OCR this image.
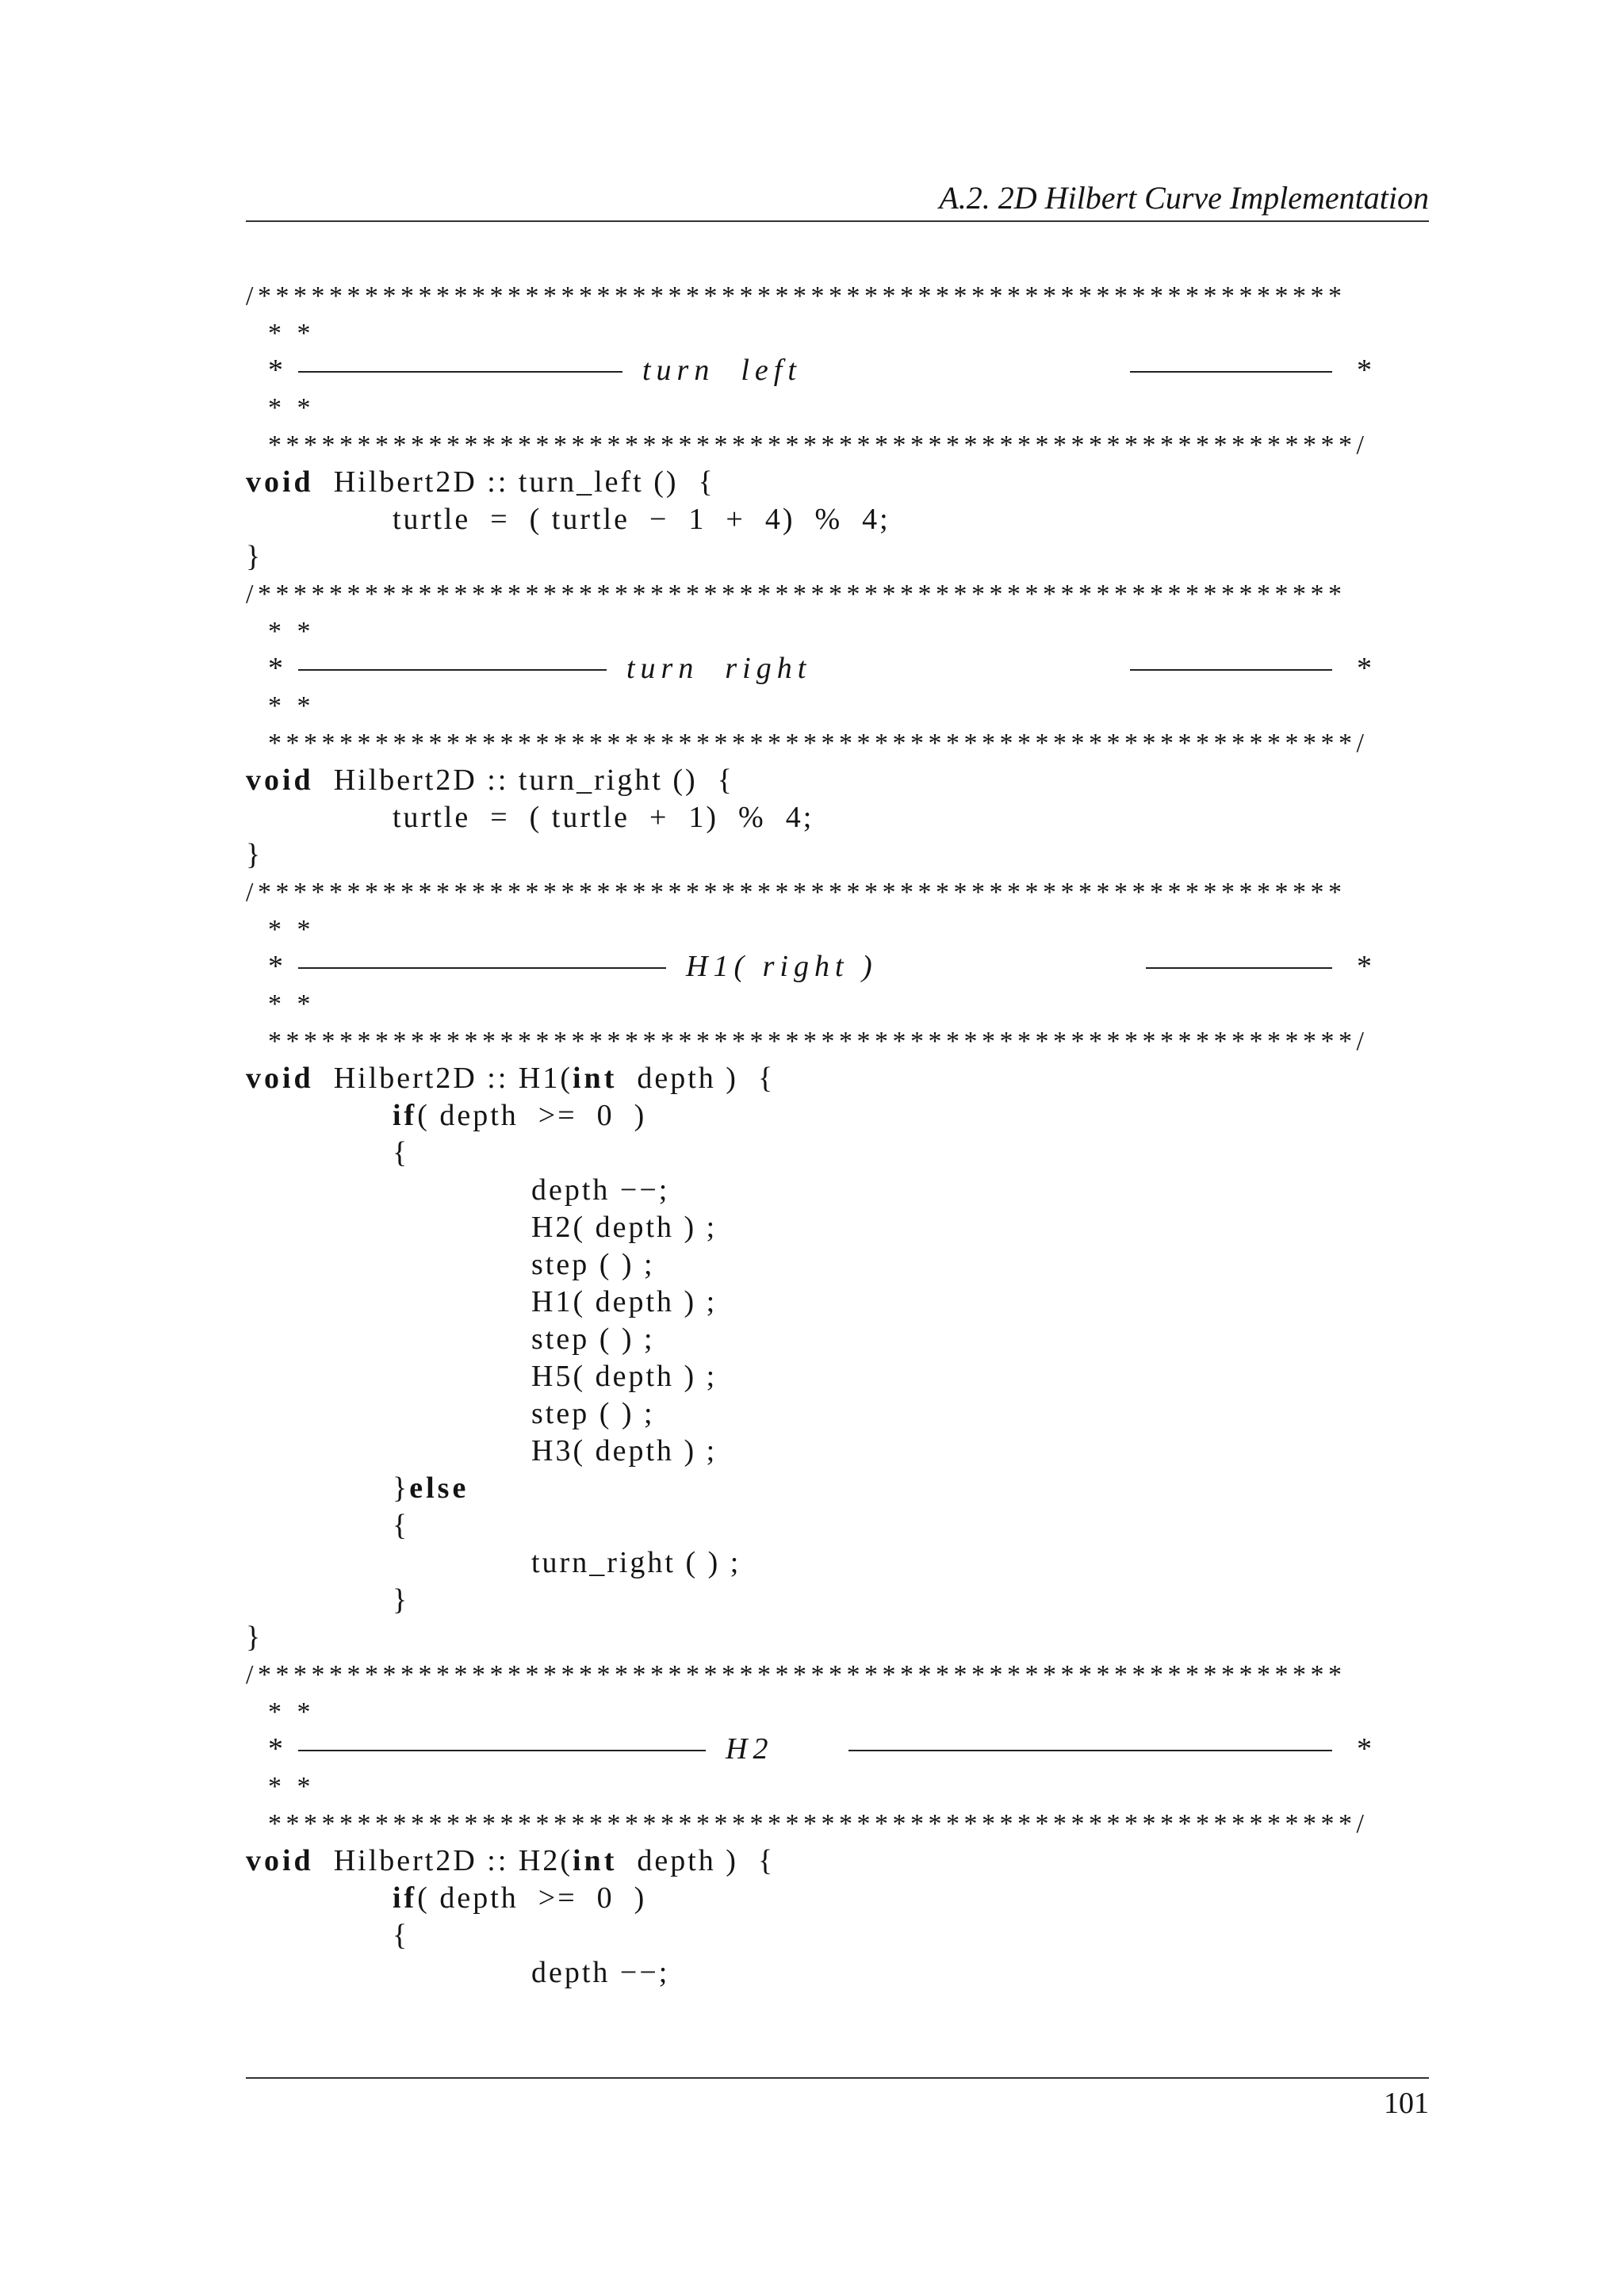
A.2. 2D Hilbert Curve Implementation
/*************************************************************
* *
*	turn  left	*
* *
*************************************************************/
void  Hilbert2D :: turn_left ()  {
turtle  =  ( turtle  −  1  +  4)  %  4;
}
/*************************************************************
* *
*	turn  right	*
* *
*************************************************************/
void  Hilbert2D :: turn_right ()  {
turtle  =  ( turtle  +  1)  %  4;
}
/*************************************************************
* *
*	H1( right )	*
* *
*************************************************************/
void  Hilbert2D :: H1(int  depth )  {
if( depth  >=  0  )
{
depth −−;
H2( depth ) ;
step ( ) ;
H1( depth ) ;
step ( ) ;
H5( depth ) ;
step ( ) ;
H3( depth ) ;
}else
{
turn_right ( ) ;
}
}
/*************************************************************
* *
*	H2	*
* *
*************************************************************/
void  Hilbert2D :: H2(int  depth )  {
if( depth  >=  0  )
{
depth −−;
101
